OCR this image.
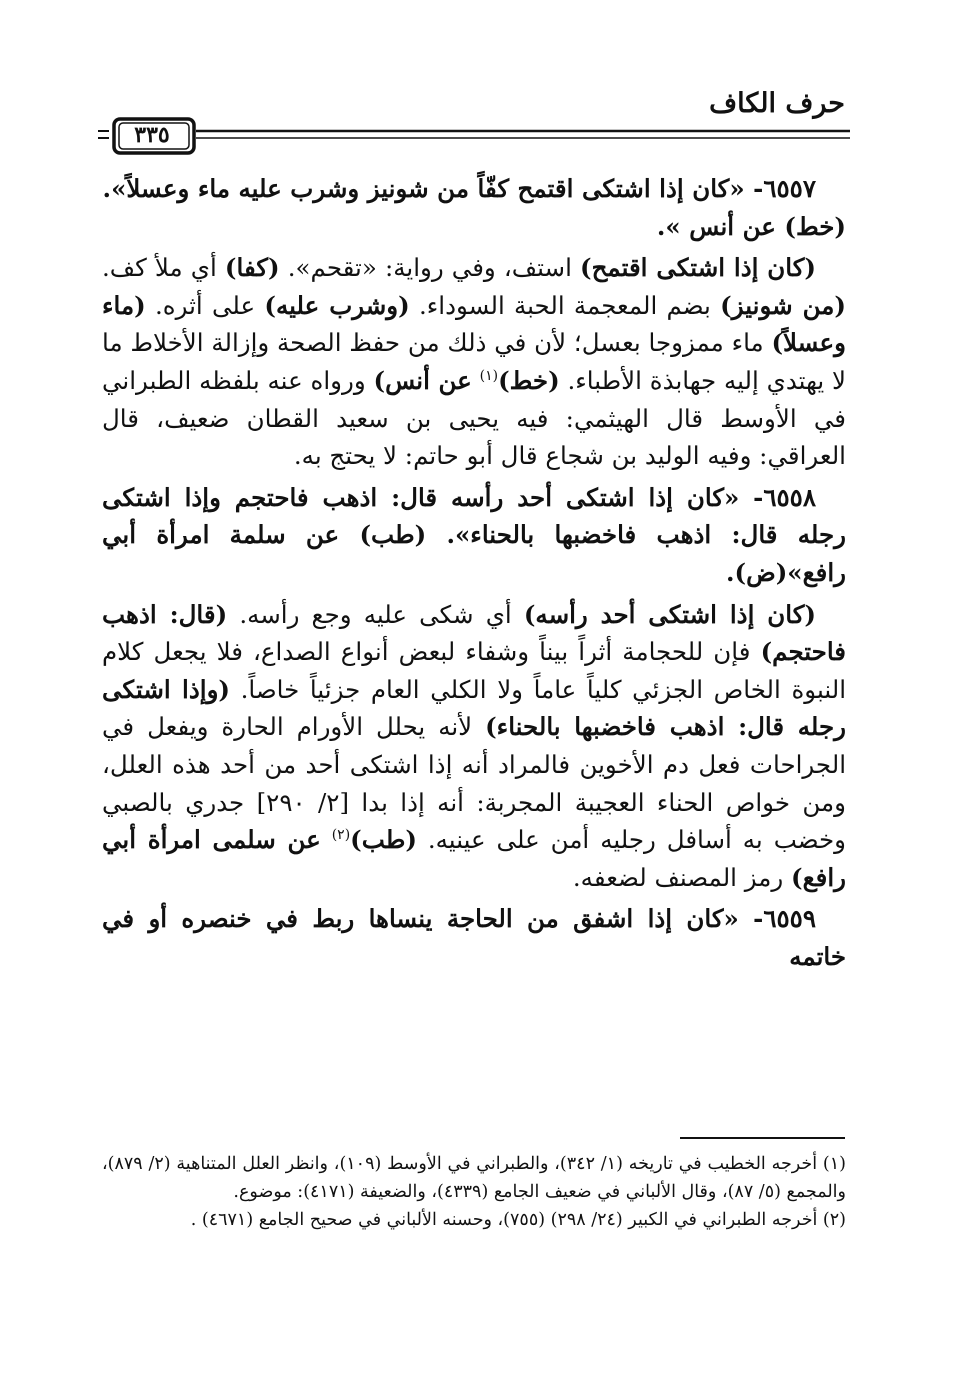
حرف الكاف
٣٣٥

٦٥٥٧- «كان إذا اشتكى اقتمح كفّاً من شونيز وشرب عليه ماء وعسلاً».
(خط) عن أنس ».

(كان إذا اشتكى اقتمح) استف، وفي رواية: «تقحم». (كفا) أي ملأ كف. (من شونيز) بضم المعجمة الحبة السوداء. (وشرب عليه) على أثره. (ماء وعسلاً) ماء ممزوجا بعسل؛ لأن في ذلك من حفظ الصحة وإزالة الأخلاط ما لا يهتدي إليه جهابذة الأطباء. (خط)$^{(١)}$ عن أنس) ورواه عنه بلفظه الطبراني في الأوسط قال الهيثمي: فيه يحيى بن سعيد القطان ضعيف، قال العراقي: وفيه الوليد بن شجاع قال أبو حاتم: لا يحتج به.

٦٥٥٨- «كان إذا اشتكى أحد رأسه قال: اذهب فاحتجم وإذا اشتكى رجله قال: اذهب فاخضبها بالحناء». (طب) عن سلمة امرأة أبي رافع»(ض).

(كان إذا اشتكى أحد رأسه) أي شكى عليه وجع رأسه. (قال: اذهب فاحتجم) فإن للحجامة أثراً بيناً وشفاء لبعض أنواع الصداع، فلا يجعل كلام النبوة الخاص الجزئي كلياً عاماً ولا الكلي العام جزئياً خاصاً. (وإذا اشتكى رجله قال: اذهب فاخضبها بالحناء) لأنه يحلل الأورام الحارة ويفعل في الجراحات فعل دم الأخوين فالمراد أنه إذا اشتكى أحد من أحد هذه العلل، ومن خواص الحناء العجيبة المجربة: أنه إذا بدا [٢/ ٢٩٠] جدري بالصبي وخضب به أسافل رجليه أمن على عينيه. (طب)$^{(٢)}$ عن سلمى امرأة أبي رافع) رمز المصنف لضعفه.

٦٥٥٩- «كان إذا اشفق من الحاجة ينساها ربط في خنصره أو في خاتمه

(١) أخرجه الخطيب في تاريخه (١/ ٣٤٢)، والطبراني في الأوسط (١٠٩)، وانظر العلل المتناهية (٢/ ٨٧٩)، والمجمع (٥/ ٨٧)، وقال الألباني في ضعيف الجامع (٤٣٣٩)، والضعيفة (٤١٧١): موضوع.

(٢) أخرجه الطبراني في الكبير (٢٤/ ٢٩٨) (٧٥٥)، وحسنه الألباني في صحيح الجامع (٤٦٧١) .
